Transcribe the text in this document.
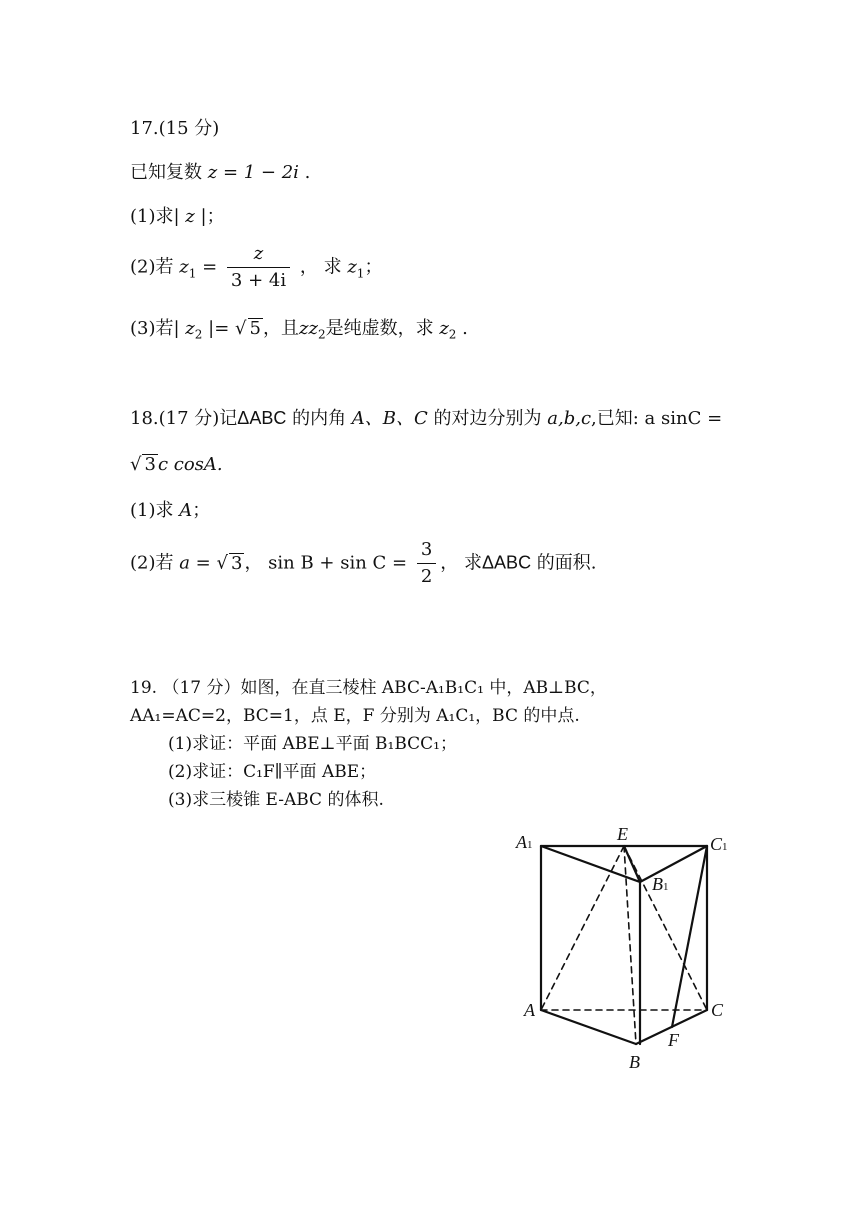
17.(15 分)
已知复数 z = 1 − 2i .
(1)求| z |；
(2)若 $z_1 = \frac{z}{3 + 4i}$ ， 求 $z_1$；
(3)若| $z_2$ |= √ 5 ，且$zz_2$是纯虚数，求 $z_2$ .
18.(17 分)记ΔABC 的内角 A、B、C 的对边分别为 a,b,c,已知: a sinC =
√ 3 c cosA.
(1)求 A；
(2)若 a = √ 3 ， $\sin B + \sin C = \frac{3}{2}$ ， 求ΔABC 的面积.
19. （17 分）如图，在直三棱柱 ABC-A₁B₁C₁ 中，AB⊥BC，
AA₁=AC=2，BC=1，点 E，F 分别为 A₁C₁，BC 的中点.
(1)求证：平面 ABE⊥平面 B₁BCC₁；
(2)求证：C₁F∥平面 ABE；
(3)求三棱锥 E-ABC 的体积.
A1
E	C1
B1
A	C
F
B
